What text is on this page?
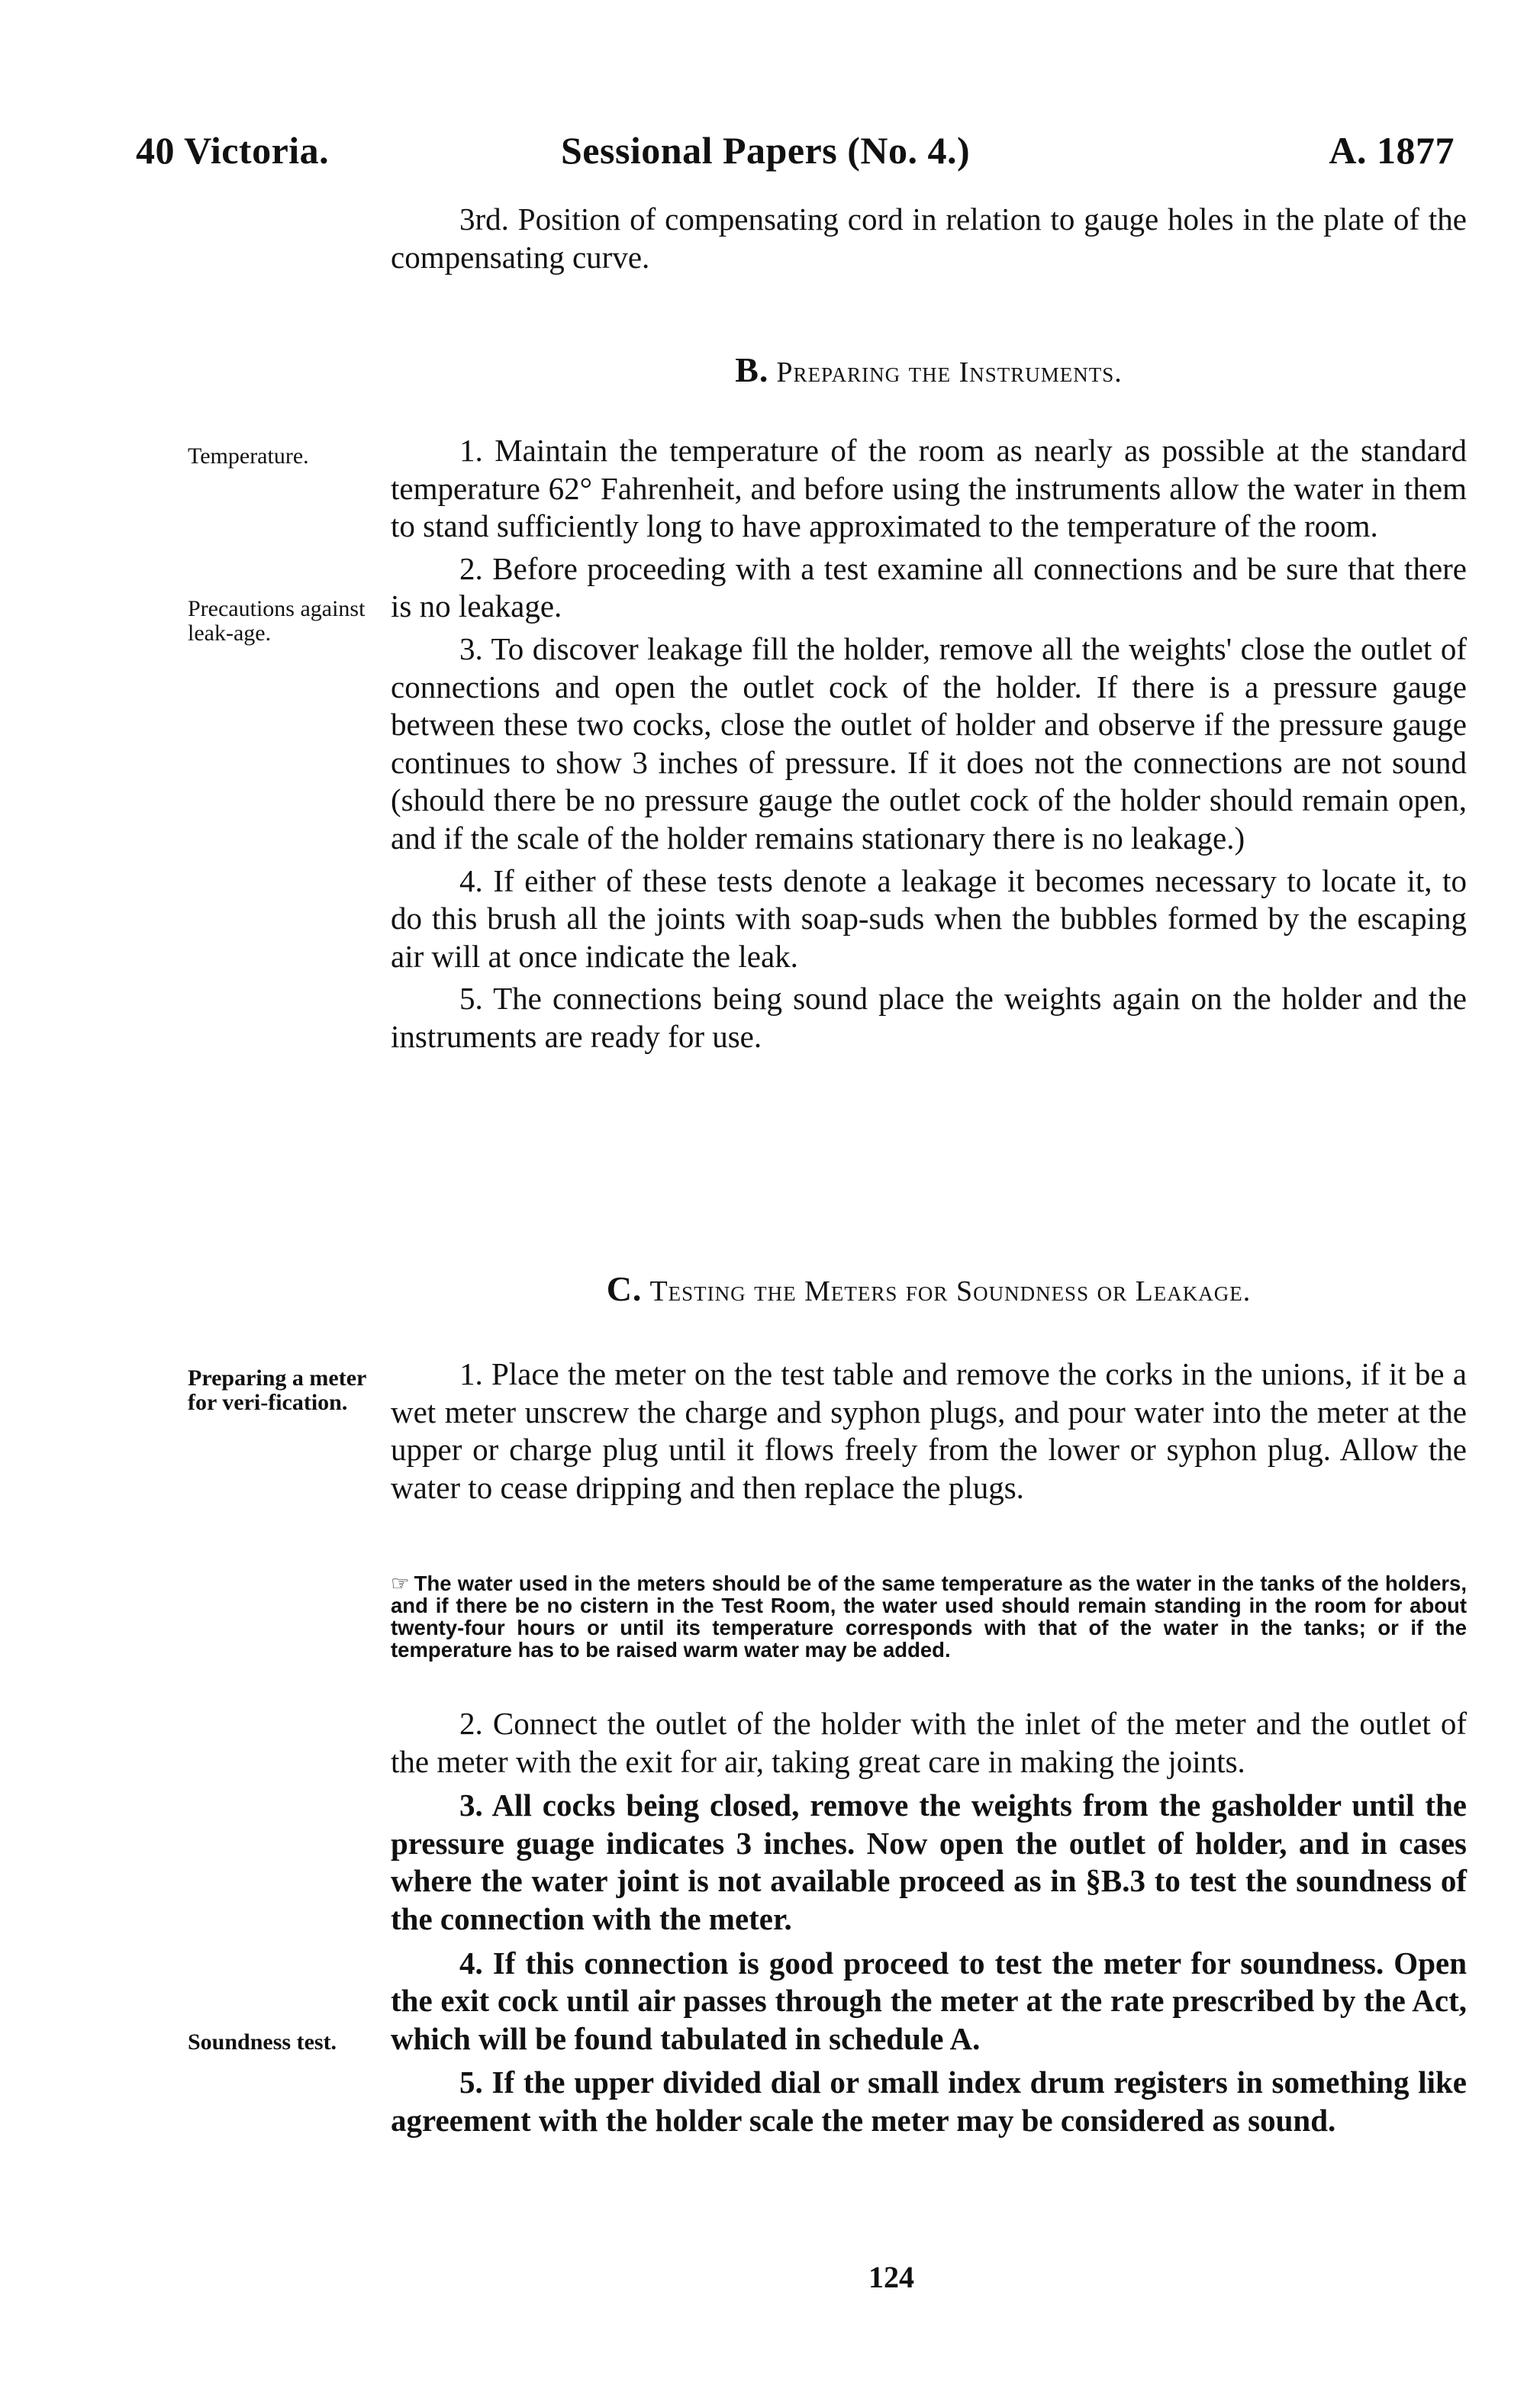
40 Victoria.	Sessional Papers (No. 4.)	A. 1877

3rd. Position of compensating cord in relation to gauge holes in the plate of the compensating curve.

B. Preparing the Instruments.
Temperature.
Precautions against leak-age.

1. Maintain the temperature of the room as nearly as possible at the standard temperature 62° Fahrenheit, and before using the instruments allow the water in them to stand sufficiently long to have approximated to the temperature of the room.

2. Before proceeding with a test examine all connections and be sure that there is no leakage.

3. To discover leakage fill the holder, remove all the weights' close the outlet of connections and open the outlet cock of the holder. If there is a pressure gauge between these two cocks, close the outlet of holder and observe if the pressure gauge continues to show 3 inches of pressure. If it does not the connections are not sound (should there be no pressure gauge the outlet cock of the holder should remain open, and if the scale of the holder remains stationary there is no leakage.)

4. If either of these tests denote a leakage it becomes necessary to locate it, to do this brush all the joints with soap-suds when the bubbles formed by the escaping air will at once indicate the leak.

5. The connections being sound place the weights again on the holder and the instruments are ready for use.

C. Testing the Meters for Soundness or Leakage.
Preparing a meter for veri-fication.
Soundness test.

1. Place the meter on the test table and remove the corks in the unions, if it be a wet meter unscrew the charge and syphon plugs, and pour water into the meter at the upper or charge plug until it flows freely from the lower or syphon plug. Allow the water to cease dripping and then replace the plugs.

☞ The water used in the meters should be of the same temperature as the water in the tanks of the holders, and if there be no cistern in the Test Room, the water used should remain standing in the room for about twenty-four hours or until its temperature corresponds with that of the water in the tanks; or if the temperature has to be raised warm water may be added.

2. Connect the outlet of the holder with the inlet of the meter and the outlet of the meter with the exit for air, taking great care in making the joints.

3. All cocks being closed, remove the weights from the gasholder until the pressure guage indicates 3 inches. Now open the outlet of holder, and in cases where the water joint is not available proceed as in §B.3 to test the soundness of the connection with the meter.

4. If this connection is good proceed to test the meter for soundness. Open the exit cock until air passes through the meter at the rate prescribed by the Act, which will be found tabulated in schedule A.

5. If the upper divided dial or small index drum registers in something like agreement with the holder scale the meter may be considered as sound.

124
